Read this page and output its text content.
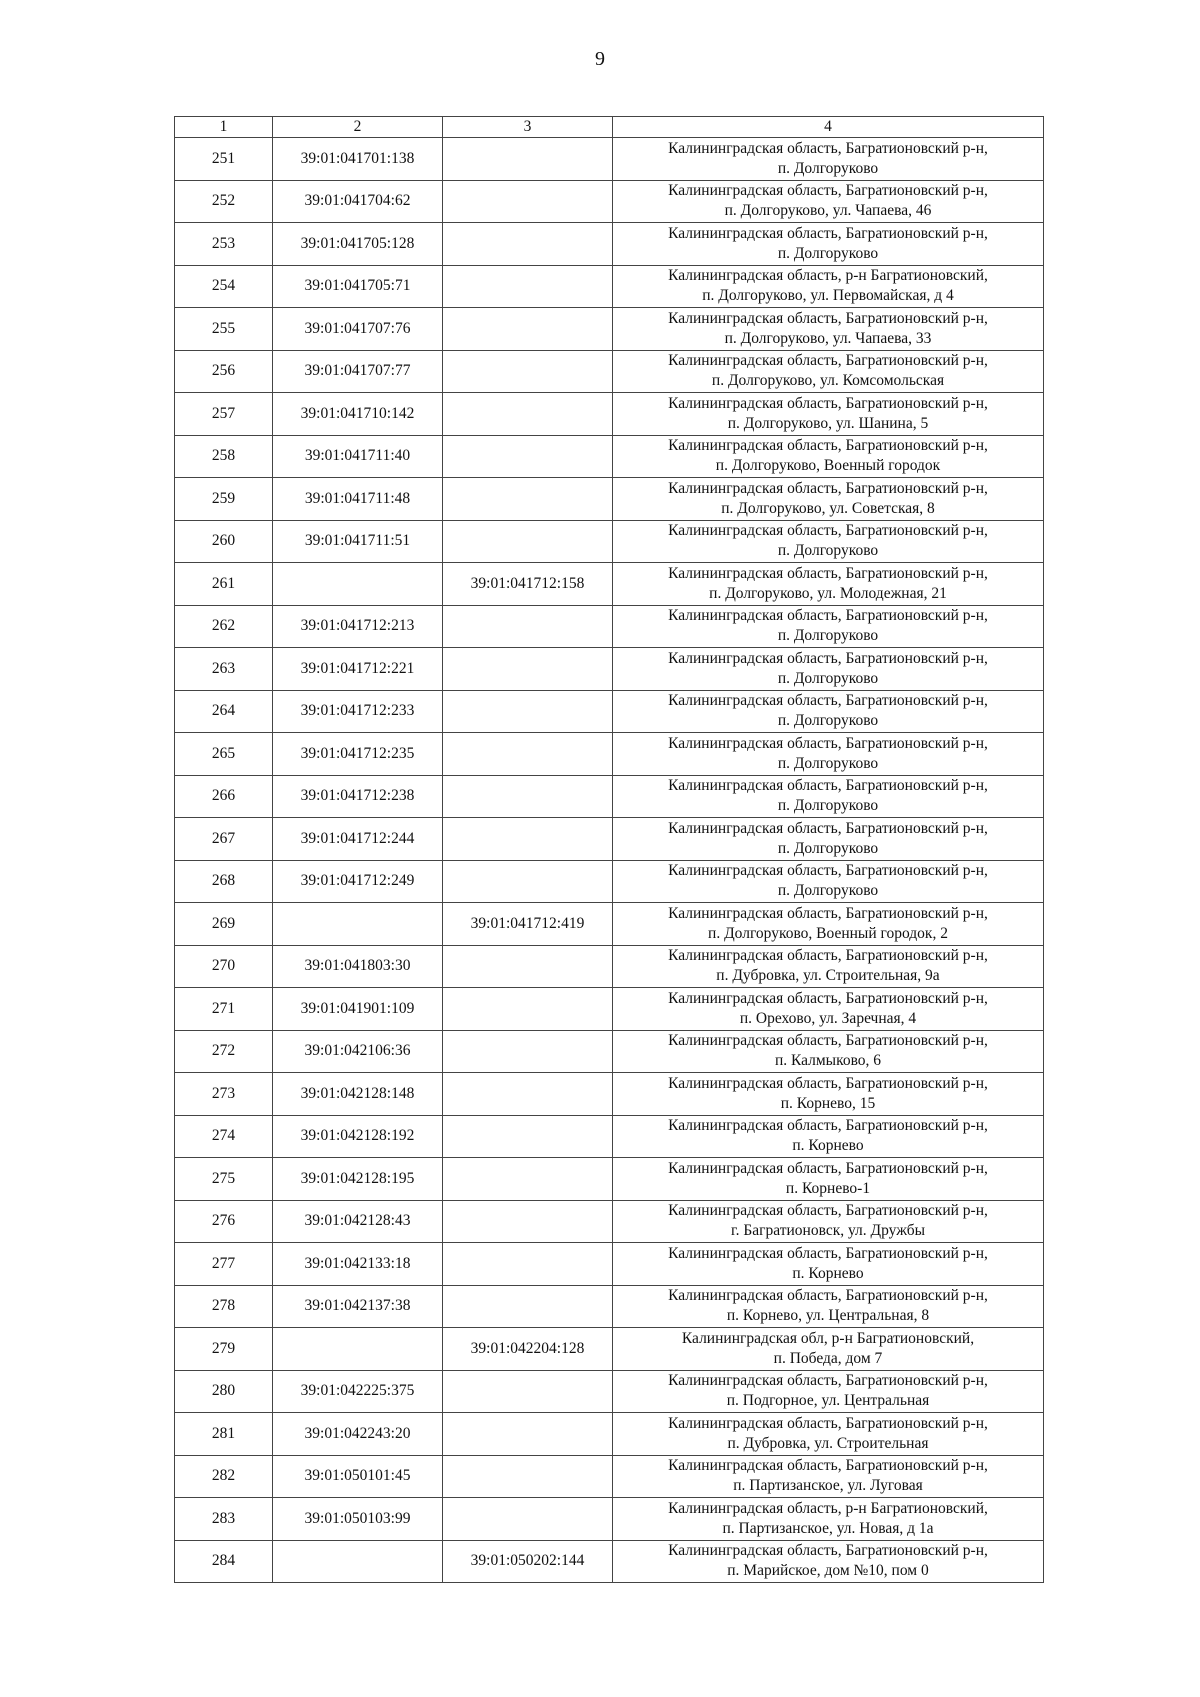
9
1	2	3	4
251	39:01:041701:138		Калининградская область, Багратионовский р-н,
п. Долгоруково

252	39:01:041704:62		Калининградская область, Багратионовский р-н,
п. Долгоруково, ул. Чапаева, 46

253	39:01:041705:128		Калининградская область, Багратионовский р-н,
п. Долгоруково

254	39:01:041705:71		Калининградская область, р-н Багратионовский,
п. Долгоруково, ул. Первомайская, д 4

255	39:01:041707:76		Калининградская область, Багратионовский р-н,
п. Долгоруково, ул. Чапаева, 33

256	39:01:041707:77		Калининградская область, Багратионовский р-н,
п. Долгоруково, ул. Комсомольская

257	39:01:041710:142		Калининградская область, Багратионовский р-н,
п. Долгоруково, ул. Шанина, 5

258	39:01:041711:40		Калининградская область, Багратионовский р-н,
п. Долгоруково, Военный городок

259	39:01:041711:48		Калининградская область, Багратионовский р-н,
п. Долгоруково, ул. Советская, 8

260	39:01:041711:51		Калининградская область, Багратионовский р-н,
п. Долгоруково

261		39:01:041712:158	Калининградская область, Багратионовский р-н,
п. Долгоруково, ул. Молодежная, 21

262	39:01:041712:213		Калининградская область, Багратионовский р-н,
п. Долгоруково

263	39:01:041712:221		Калининградская область, Багратионовский р-н,
п. Долгоруково

264	39:01:041712:233		Калининградская область, Багратионовский р-н,
п. Долгоруково

265	39:01:041712:235		Калининградская область, Багратионовский р-н,
п. Долгоруково

266	39:01:041712:238		Калининградская область, Багратионовский р-н,
п. Долгоруково

267	39:01:041712:244		Калининградская область, Багратионовский р-н,
п. Долгоруково

268	39:01:041712:249		Калининградская область, Багратионовский р-н,
п. Долгоруково

269		39:01:041712:419	Калининградская область, Багратионовский р-н,
п. Долгоруково, Военный городок, 2

270	39:01:041803:30		Калининградская область, Багратионовский р-н,
п. Дубровка, ул. Строительная, 9а

271	39:01:041901:109		Калининградская область, Багратионовский р-н,
п. Орехово, ул. Заречная, 4

272	39:01:042106:36		Калининградская область, Багратионовский р-н,
п. Калмыково, 6

273	39:01:042128:148		Калининградская область, Багратионовский р-н,
п. Корнево, 15

274	39:01:042128:192		Калининградская область, Багратионовский р-н,
п. Корнево

275	39:01:042128:195		Калининградская область, Багратионовский р-н,
п. Корнево-1

276	39:01:042128:43		Калининградская область, Багратионовский р-н,
г. Багратионовск, ул. Дружбы

277	39:01:042133:18		Калининградская область, Багратионовский р-н,
п. Корнево

278	39:01:042137:38		Калининградская область, Багратионовский р-н,
п. Корнево, ул. Центральная, 8

279		39:01:042204:128	Калининградская обл, р-н Багратионовский,
п. Победа, дом 7

280	39:01:042225:375		Калининградская область, Багратионовский р-н,
п. Подгорное, ул. Центральная

281	39:01:042243:20		Калининградская область, Багратионовский р-н,
п. Дубровка, ул. Строительная

282	39:01:050101:45		Калининградская область, Багратионовский р-н,
п. Партизанское, ул. Луговая

283	39:01:050103:99		Калининградская область, р-н Багратионовский,
п. Партизанское, ул. Новая, д 1а

284		39:01:050202:144	Калининградская область, Багратионовский р-н,
п. Марийское, дом №10, пом 0
